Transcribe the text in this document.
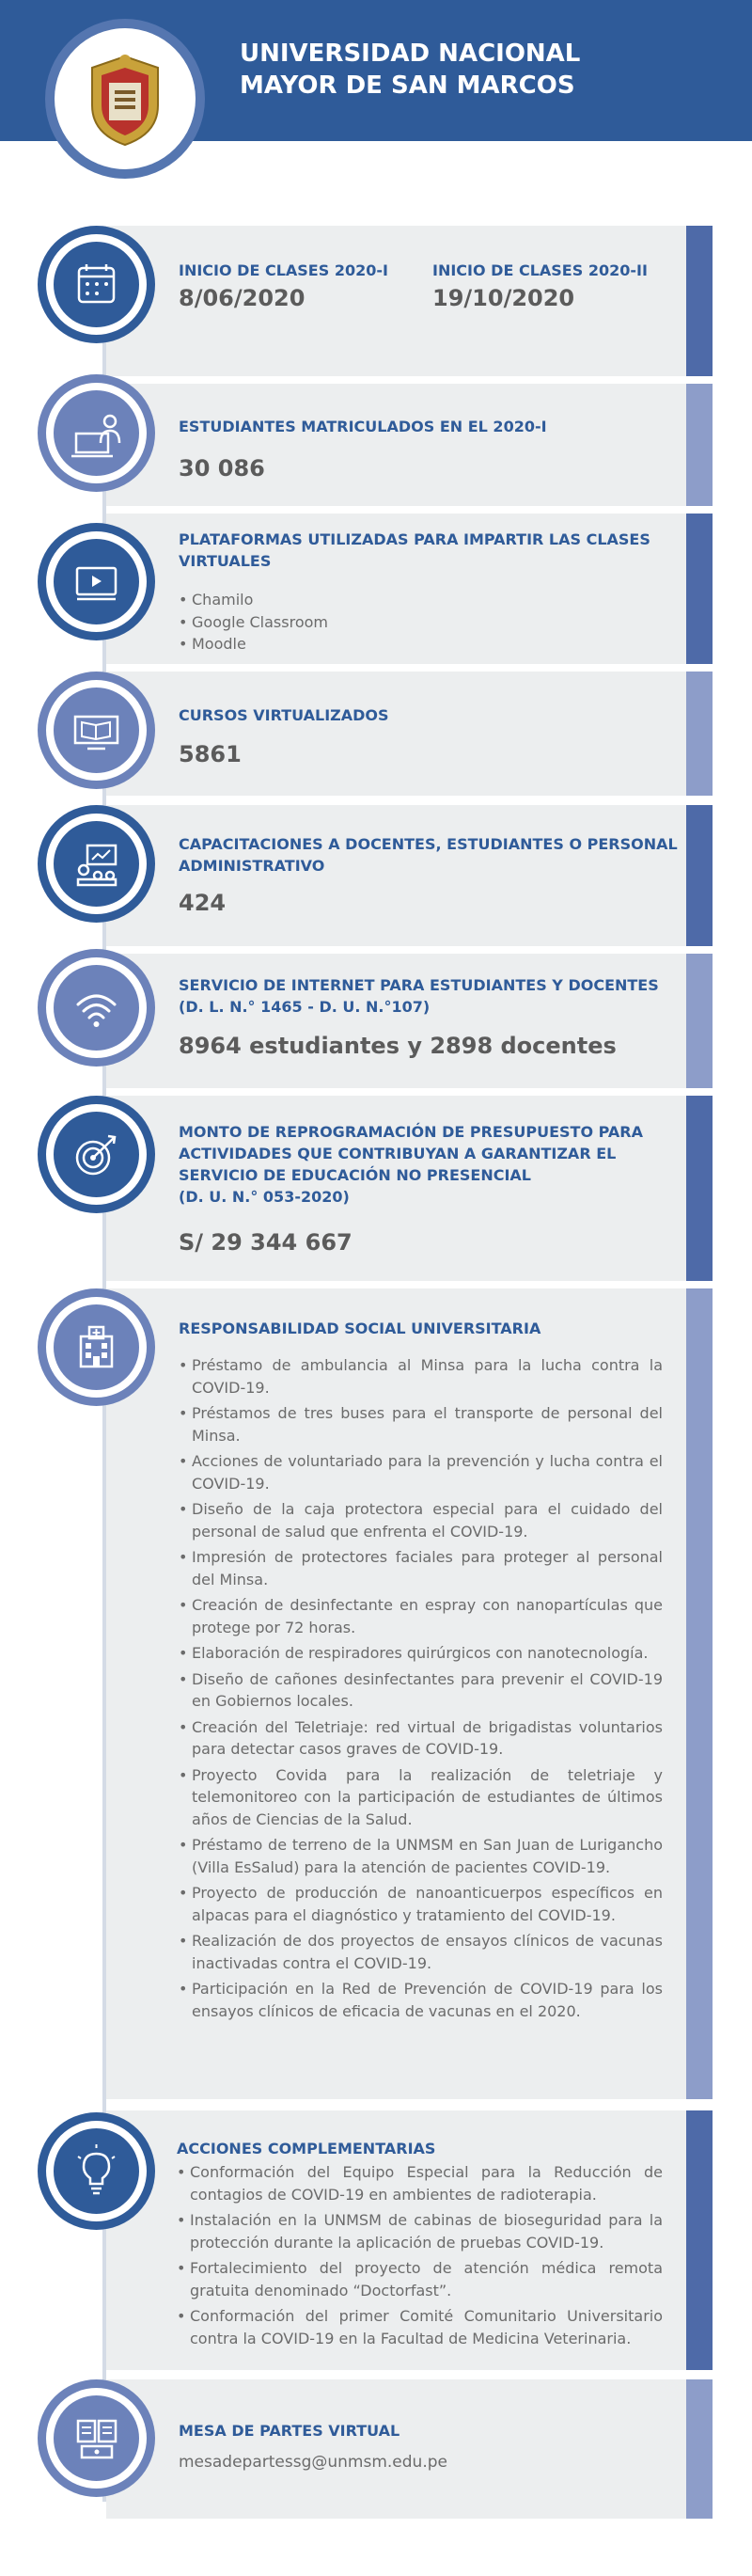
UNIVERSIDAD NACIONAL
MAYOR DE SAN MARCOS
INICIO DE CLASES 2020-I
8/06/2020
INICIO DE CLASES 2020-II
19/10/2020
ESTUDIANTES MATRICULADOS EN EL 2020-I
30 086
PLATAFORMAS UTILIZADAS PARA IMPARTIR LAS CLASES
VIRTUALES
• Chamilo
• Google Classroom
• Moodle
CURSOS VIRTUALIZADOS
5861
CAPACITACIONES A DOCENTES, ESTUDIANTES O PERSONAL
ADMINISTRATIVO
424
SERVICIO DE INTERNET PARA ESTUDIANTES Y DOCENTES
(D. L. N.° 1465 - D. U. N.°107)
8964 estudiantes y 2898 docentes
MONTO DE REPROGRAMACIÓN DE PRESUPUESTO PARA
ACTIVIDADES QUE CONTRIBUYAN A GARANTIZAR EL
SERVICIO DE EDUCACIÓN NO PRESENCIAL
(D. U. N.° 053-2020)
S/ 29 344 667
RESPONSABILIDAD SOCIAL UNIVERSITARIA
• Préstamo de ambulancia al Minsa para la lucha contra la COVID-19.
• Préstamos de tres buses para el transporte de personal del Minsa.
• Acciones de voluntariado para la prevención y lucha contra el COVID-19.
• Diseño de la caja protectora especial para el cuidado del personal de salud que enfrenta el COVID-19.
• Impresión de protectores faciales para proteger al personal del Minsa.
• Creación de desinfectante en espray con nanopartículas que protege por 72 horas.
• Elaboración de respiradores quirúrgicos con nanotecnología.
• Diseño de cañones desinfectantes para prevenir el COVID-19 en Gobiernos locales.
• Creación del Teletriaje: red virtual de brigadistas voluntarios para detectar casos graves de COVID-19.
• Proyecto Covida para la realización de teletriaje y telemonitoreo con la participación de estudiantes de últimos años de Ciencias de la Salud.
• Préstamo de terreno de la UNMSM en San Juan de Lurigancho (Villa EsSalud) para la atención de pacientes COVID-19.
• Proyecto de producción de nanoanticuerpos específicos en alpacas para el diagnóstico y tratamiento del COVID-19.
• Realización de dos proyectos de ensayos clínicos de vacunas inactivadas contra el COVID-19.
• Participación en la Red de Prevención de COVID-19 para los ensayos clínicos de eficacia de vacunas en el 2020.
ACCIONES COMPLEMENTARIAS
• Conformación del Equipo Especial para la Reducción de contagios de COVID-19 en ambientes de radioterapia.
• Instalación en la UNMSM de cabinas de bioseguridad para la protección durante la aplicación de pruebas COVID-19.
• Fortalecimiento del proyecto de atención médica remota gratuita denominado “Doctorfast”.
• Conformación del primer Comité Comunitario Universitario contra la COVID-19 en la Facultad de Medicina Veterinaria.
MESA DE PARTES VIRTUAL
mesadepartessg@unmsm.edu.pe
